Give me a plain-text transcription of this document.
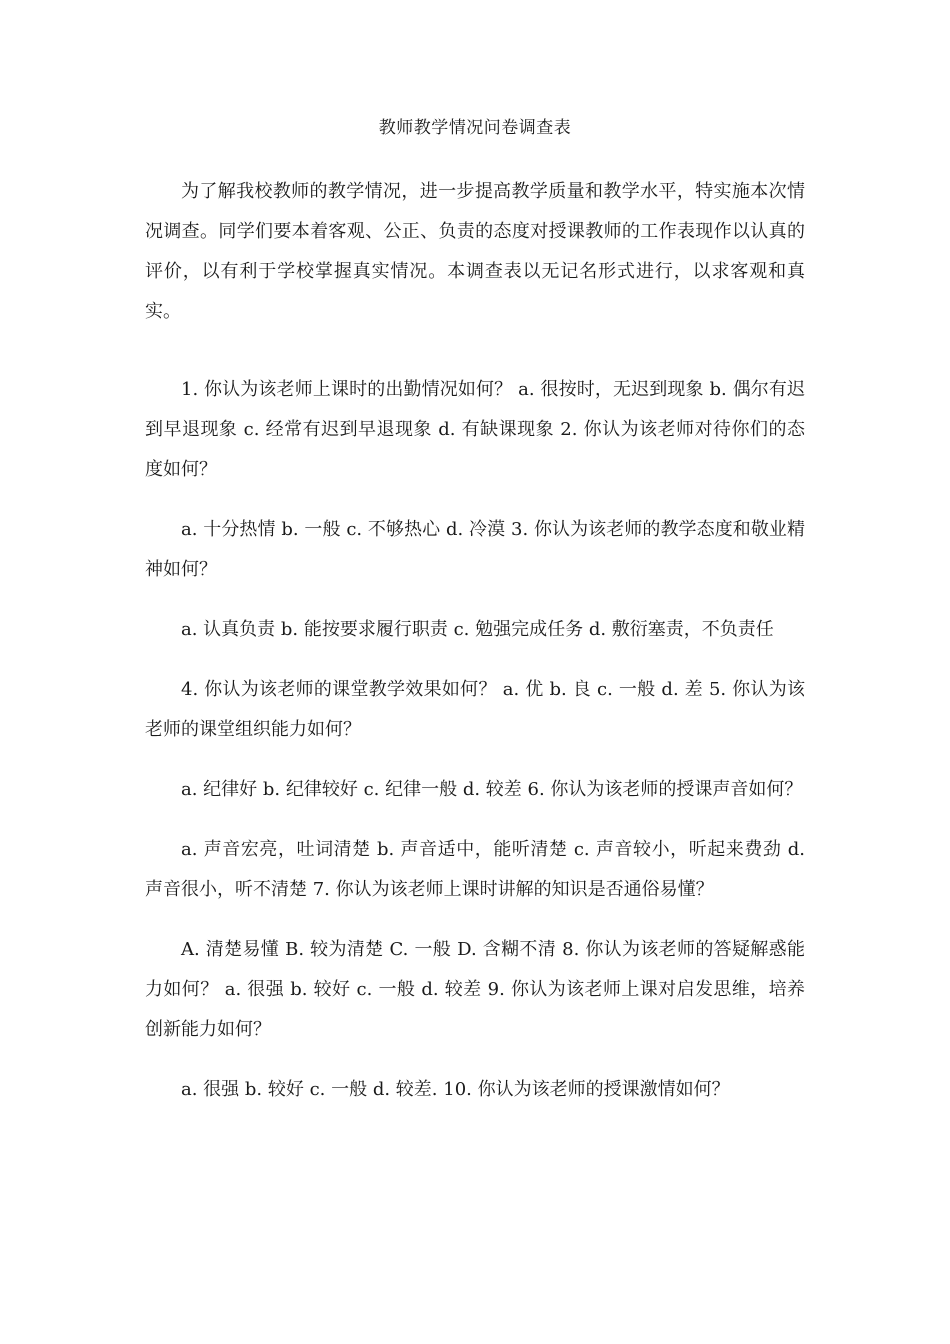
教师教学情况问卷调查表

为了解我校教师的教学情况，进一步提高教学质量和教学水平，特实施本次情况调查。同学们要本着客观、公正、负责的态度对授课教师的工作表现作以认真的评价，以有利于学校掌握真实情况。本调查表以无记名形式进行，以求客观和真实。

1. 你认为该老师上课时的出勤情况如何？ a. 很按时，无迟到现象 b. 偶尔有迟到早退现象 c. 经常有迟到早退现象 d. 有缺课现象 2. 你认为该老师对待你们的态度如何？

a. 十分热情 b. 一般 c. 不够热心 d. 冷漠 3. 你认为该老师的教学态度和敬业精神如何？

a. 认真负责 b. 能按要求履行职责 c. 勉强完成任务 d. 敷衍塞责，不负责任

4. 你认为该老师的课堂教学效果如何？ a. 优 b. 良 c. 一般 d. 差 5. 你认为该老师的课堂组织能力如何？

a. 纪律好 b. 纪律较好 c. 纪律一般 d. 较差 6. 你认为该老师的授课声音如何？

a. 声音宏亮，吐词清楚 b. 声音适中，能听清楚 c. 声音较小，听起来费劲 d. 声音很小，听不清楚 7. 你认为该老师上课时讲解的知识是否通俗易懂？

A. 清楚易懂 B. 较为清楚 C. 一般 D. 含糊不清 8. 你认为该老师的答疑解惑能力如何？ a. 很强 b. 较好 c. 一般 d. 较差 9. 你认为该老师上课对启发思维，培养创新能力如何？

a. 很强 b. 较好 c. 一般 d. 较差. 10. 你认为该老师的授课激情如何？
